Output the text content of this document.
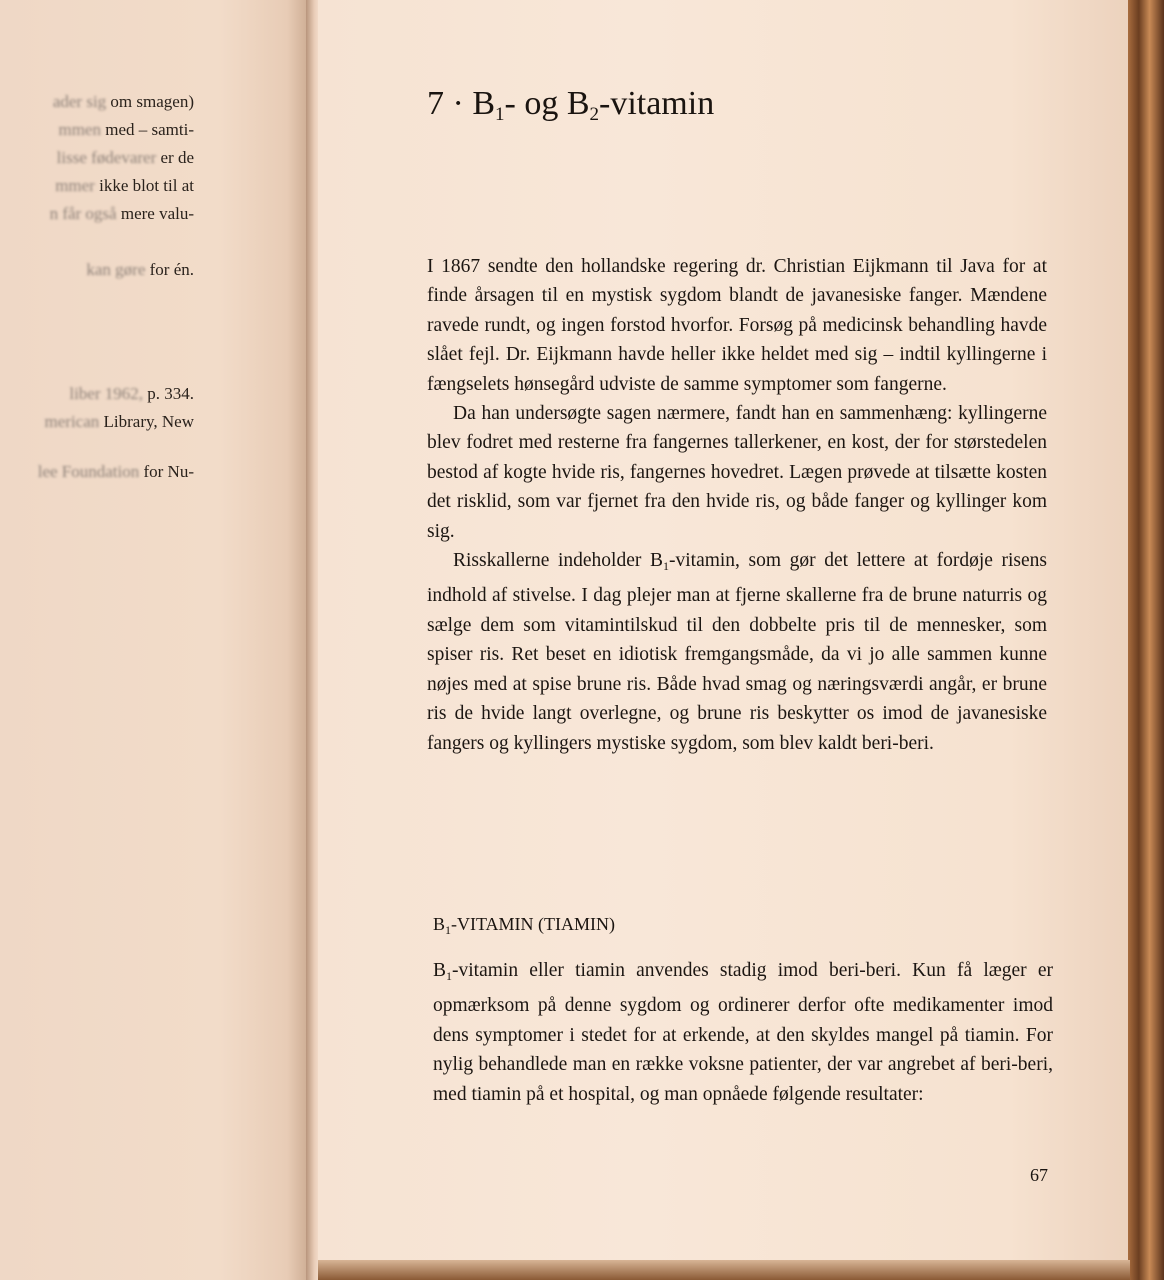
ader sig om smagen)
mmen med – samti-
lisse fødevarer er de
mmer ikke blot til at
n får også mere valu-
kan gøre for én.
liber 1962, p. 334.
merican Library, New
lee Foundation for Nu-
$7 \cdot B_1-$ og $B_2$-vitamin

I 1867 sendte den hollandske regering dr. Christian Eijkmann til Java for at finde årsagen til en mystisk sygdom blandt de javanesiske fanger. Mændene ravede rundt, og ingen forstod hvorfor. Forsøg på medicinsk behandling havde slået fejl. Dr. Eijkmann havde heller ikke heldet med sig – indtil kyllingerne i fængselets hønsegård udviste de samme symptomer som fangerne.

Da han undersøgte sagen nærmere, fandt han en sammenhæng: kyllingerne blev fodret med resterne fra fangernes tallerkener, en kost, der for størstedelen bestod af kogte hvide ris, fangernes hovedret. Lægen prøvede at tilsætte kosten det risklid, som var fjernet fra den hvide ris, og både fanger og kyllinger kom sig.

Risskallerne indeholder $B_1$-vitamin, som gør det lettere at fordøje risens indhold af stivelse. I dag plejer man at fjerne skallerne fra de brune naturris og sælge dem som vitamintilskud til den dobbelte pris til de mennesker, som spiser ris. Ret beset en idiotisk fremgangsmåde, da vi jo alle sammen kunne nøjes med at spise brune ris. Både hvad smag og næringsværdi angår, er brune ris de hvide langt overlegne, og brune ris beskytter os imod de javanesiske fangers og kyllingers mystiske sygdom, som blev kaldt beri-beri.

$B_1$-VITAMIN (TIAMIN)

$B_1$-vitamin eller tiamin anvendes stadig imod beri-beri. Kun få læger er opmærksom på denne sygdom og ordinerer derfor ofte medikamenter imod dens symptomer i stedet for at erkende, at den skyldes mangel på tiamin. For nylig behandlede man en række voksne patienter, der var angrebet af beri-beri, med tiamin på et hospital, og man opnåede følgende resultater:

67
